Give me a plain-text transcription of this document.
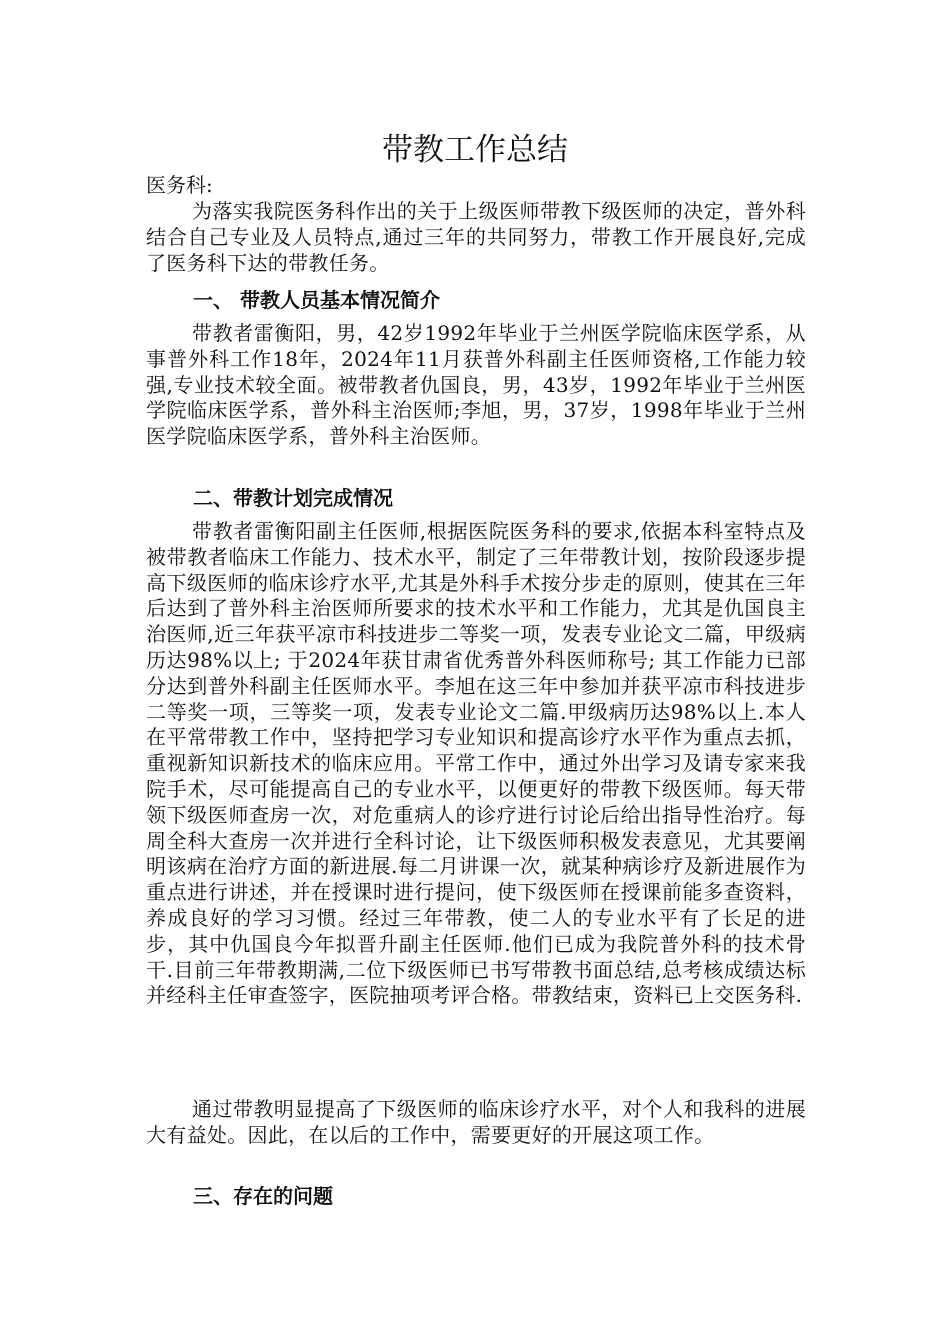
带教工作总结

医务科:

为落实我院医务科作出的关于上级医师带教下级医师的决定，普外科结合自己专业及人员特点,通过三年的共同努力，带教工作开展良好,完成了医务科下达的带教任务。

一、 带教人员基本情况简介

带教者雷衡阳，男，42岁1992年毕业于兰州医学院临床医学系，从事普外科工作18年，2024年11月获普外科副主任医师资格,工作能力较强,专业技术较全面。被带教者仇国良，男，43岁，1992年毕业于兰州医学院临床医学系，普外科主治医师;李旭，男，37岁，1998年毕业于兰州医学院临床医学系，普外科主治医师。

二、带教计划完成情况

带教者雷衡阳副主任医师,根据医院医务科的要求,依据本科室特点及被带教者临床工作能力、技术水平，制定了三年带教计划，按阶段逐步提高下级医师的临床诊疗水平,尤其是外科手术按分步走的原则，使其在三年后达到了普外科主治医师所要求的技术水平和工作能力，尤其是仇国良主治医师,近三年获平凉市科技进步二等奖一项，发表专业论文二篇，甲级病历达98%以上; 于2024年获甘肃省优秀普外科医师称号; 其工作能力已部分达到普外科副主任医师水平。李旭在这三年中参加并获平凉市科技进步二等奖一项，三等奖一项，发表专业论文二篇.甲级病历达98%以上.本人在平常带教工作中，坚持把学习专业知识和提高诊疗水平作为重点去抓，重视新知识新技术的临床应用。平常工作中，通过外出学习及请专家来我院手术，尽可能提高自己的专业水平，以便更好的带教下级医师。每天带领下级医师查房一次，对危重病人的诊疗进行讨论后给出指导性治疗。每周全科大查房一次并进行全科讨论，让下级医师积极发表意见，尤其要阐明该病在治疗方面的新进展.每二月讲课一次，就某种病诊疗及新进展作为重点进行讲述，并在授课时进行提问，使下级医师在授课前能多查资料，养成良好的学习习惯。经过三年带教，使二人的专业水平有了长足的进步，其中仇国良今年拟晋升副主任医师.他们已成为我院普外科的技术骨干.目前三年带教期满,二位下级医师已书写带教书面总结,总考核成绩达标并经科主任审查签字，医院抽项考评合格。带教结束，资料已上交医务科.

通过带教明显提高了下级医师的临床诊疗水平，对个人和我科的进展大有益处。因此，在以后的工作中，需要更好的开展这项工作。

三、存在的问题
